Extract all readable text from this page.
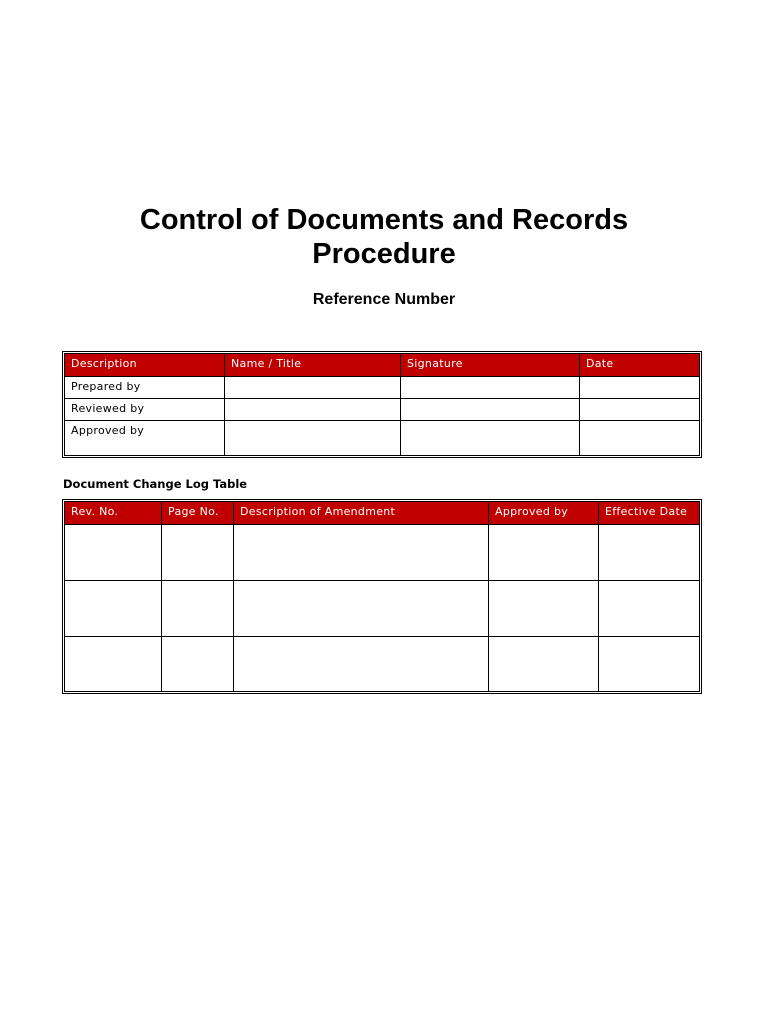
Control of Documents and Records Procedure
Reference Number
Description	Name / Title	Signature	Date
Prepared by			
Reviewed by			
Approved by			
Document Change Log Table
Rev. No.	Page No.	Description of Amendment	Approved by	Effective Date
